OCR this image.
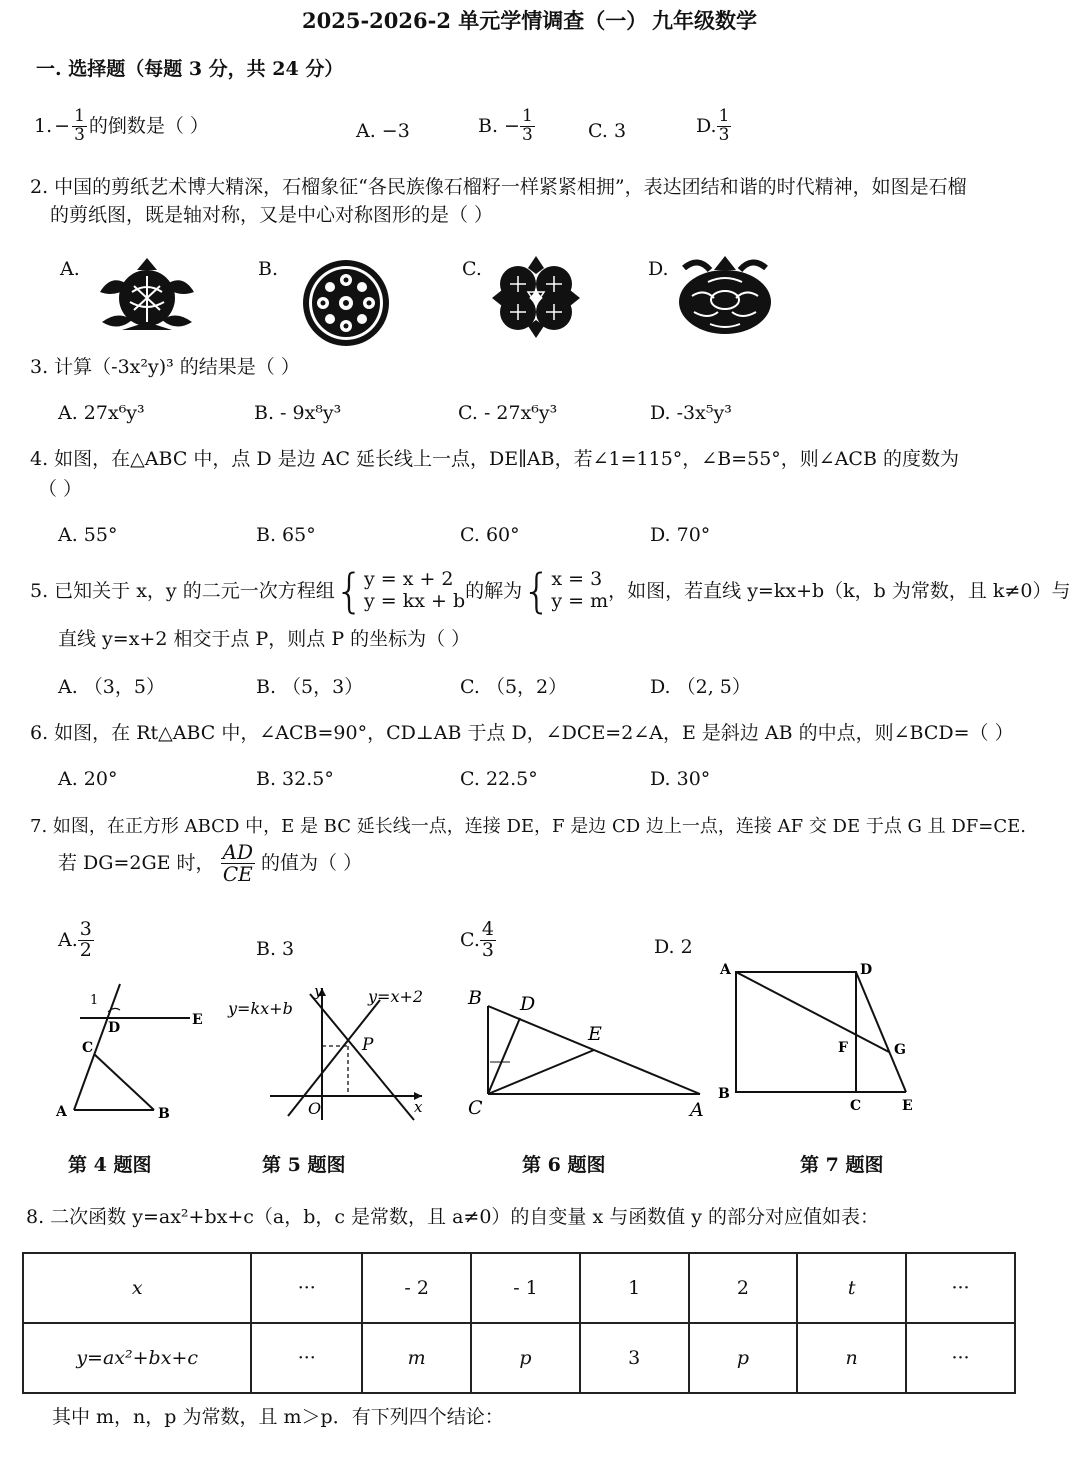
2025-2026-2 单元学情调查（一） 九年级数学
一. 选择题（每题 3 分，共 24 分）
1. − $\frac{1}{3}$ 的倒数是（ ）	A. −3	B. − $\frac{1}{3}$	C. 3	D. $\frac{1}{3}$
2. 中国的剪纸艺术博大精深，石榴象征“各民族像石榴籽一样紧紧相拥”，表达团结和谐的时代精神，如图是石榴
的剪纸图，既是轴对称，又是中心对称图形的是（ ）
A.	B.	C.	D.
3. 计算（-3x²y)³ 的结果是（ ）
A. 27x⁶y³	B. - 9x⁸y³	C. - 27x⁶y³	D. -3x⁵y³
4. 如图，在△ABC 中，点 D 是边 AC 延长线上一点，DE∥AB，若∠1=115°，∠B=55°，则∠ACB 的度数为
（ ）
A. 55°	B. 65°	C. 60°	D. 70°
5. 已知关于 x，y 的二元一次方程组 { y = x + 2
y = kx + b 的解为 { x = 3
y = m ，如图，若直线 y=kx+b（k，b 为常数，且 k≠0）与
直线 y=x+2 相交于点 P，则点 P 的坐标为（ ）
A. （3，5）	B. （5，3）	C. （5，2）	D. （2, 5）
6. 如图，在 Rt△ABC 中，∠ACB=90°，CD⊥AB 于点 D，∠DCE=2∠A，E 是斜边 AB 的中点，则∠BCD=（ ）
A. 20°	B. 32.5°	C. 22.5°	D. 30°
7. 如图，在正方形 ABCD 中，E 是 BC 延长线一点，连接 DE，F 是边 CD 边上一点，连接 AF 交 DE 于点 G 且 DF=CE.
若 DG=2GE 时， $\frac{AD}{CE}$ 的值为（ ）
A. $\frac{3}{2}$	B. 3	C. $\frac{4}{3}$	D. 2
1
D	E
C
A	B
第 4 题图
y=kx+b
y=x+2
y
P
O	x
第 5 题图
B D
E
C	A
第 6 题图
A	D
F	G
B
C	E
第 7 题图
8. 二次函数 y=ax²+bx+c（a，b，c 是常数，且 a≠0）的自变量 x 与函数值 y 的部分对应值如表：
x	···	- 2	- 1	1	2	t	···
y=ax²+bx+c	···	m	p	3	p	n	···
其中 m，n，p 为常数，且 m＞p．有下列四个结论：
